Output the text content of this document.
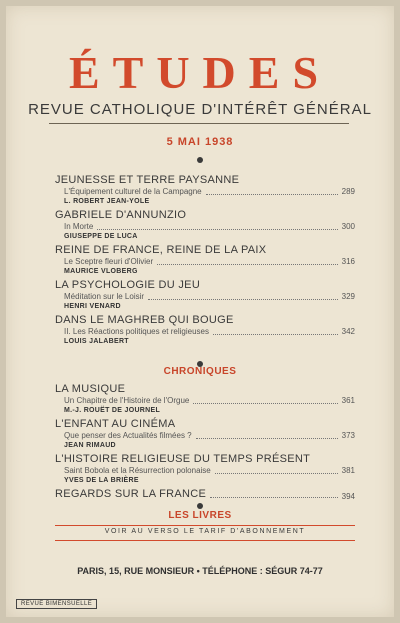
ÉTUDES
REVUE CATHOLIQUE D'INTÉRÊT GÉNÉRAL
5 MAI 1938
JEUNESSE ET TERRE PAYSANNE
L'Équipement culturel de la Campagne	289
L. ROBERT JEAN-YOLE
GABRIELE D'ANNUNZIO
In Morte	300
GIUSEPPE DE LUCA
REINE DE FRANCE, REINE DE LA PAIX
Le Sceptre fleuri d'Olivier	316
MAURICE VLOBERG
LA PSYCHOLOGIE DU JEU
Méditation sur le Loisir	329
HENRI VENARD
DANS LE MAGHREB QUI BOUGE
II. Les Réactions politiques et religieuses	342
LOUIS JALABERT
CHRONIQUES
LA MUSIQUE
Un Chapitre de l'Histoire de l'Orgue	361
M.-J. ROUËT DE JOURNEL
L'ENFANT AU CINÉMA
Que penser des Actualités filmées ?	373
JEAN RIMAUD
L'HISTOIRE RELIGIEUSE DU TEMPS PRÉSENT
Saint Bobola et la Résurrection polonaise	381
YVES DE LA BRIÈRE
REGARDS SUR LA FRANCE	394
LES LIVRES
VOIR AU VERSO LE TARIF D'ABONNEMENT
PARIS, 15, RUE MONSIEUR • TÉLÉPHONE : SÉGUR 74-77
REVUE BIMENSUELLE
